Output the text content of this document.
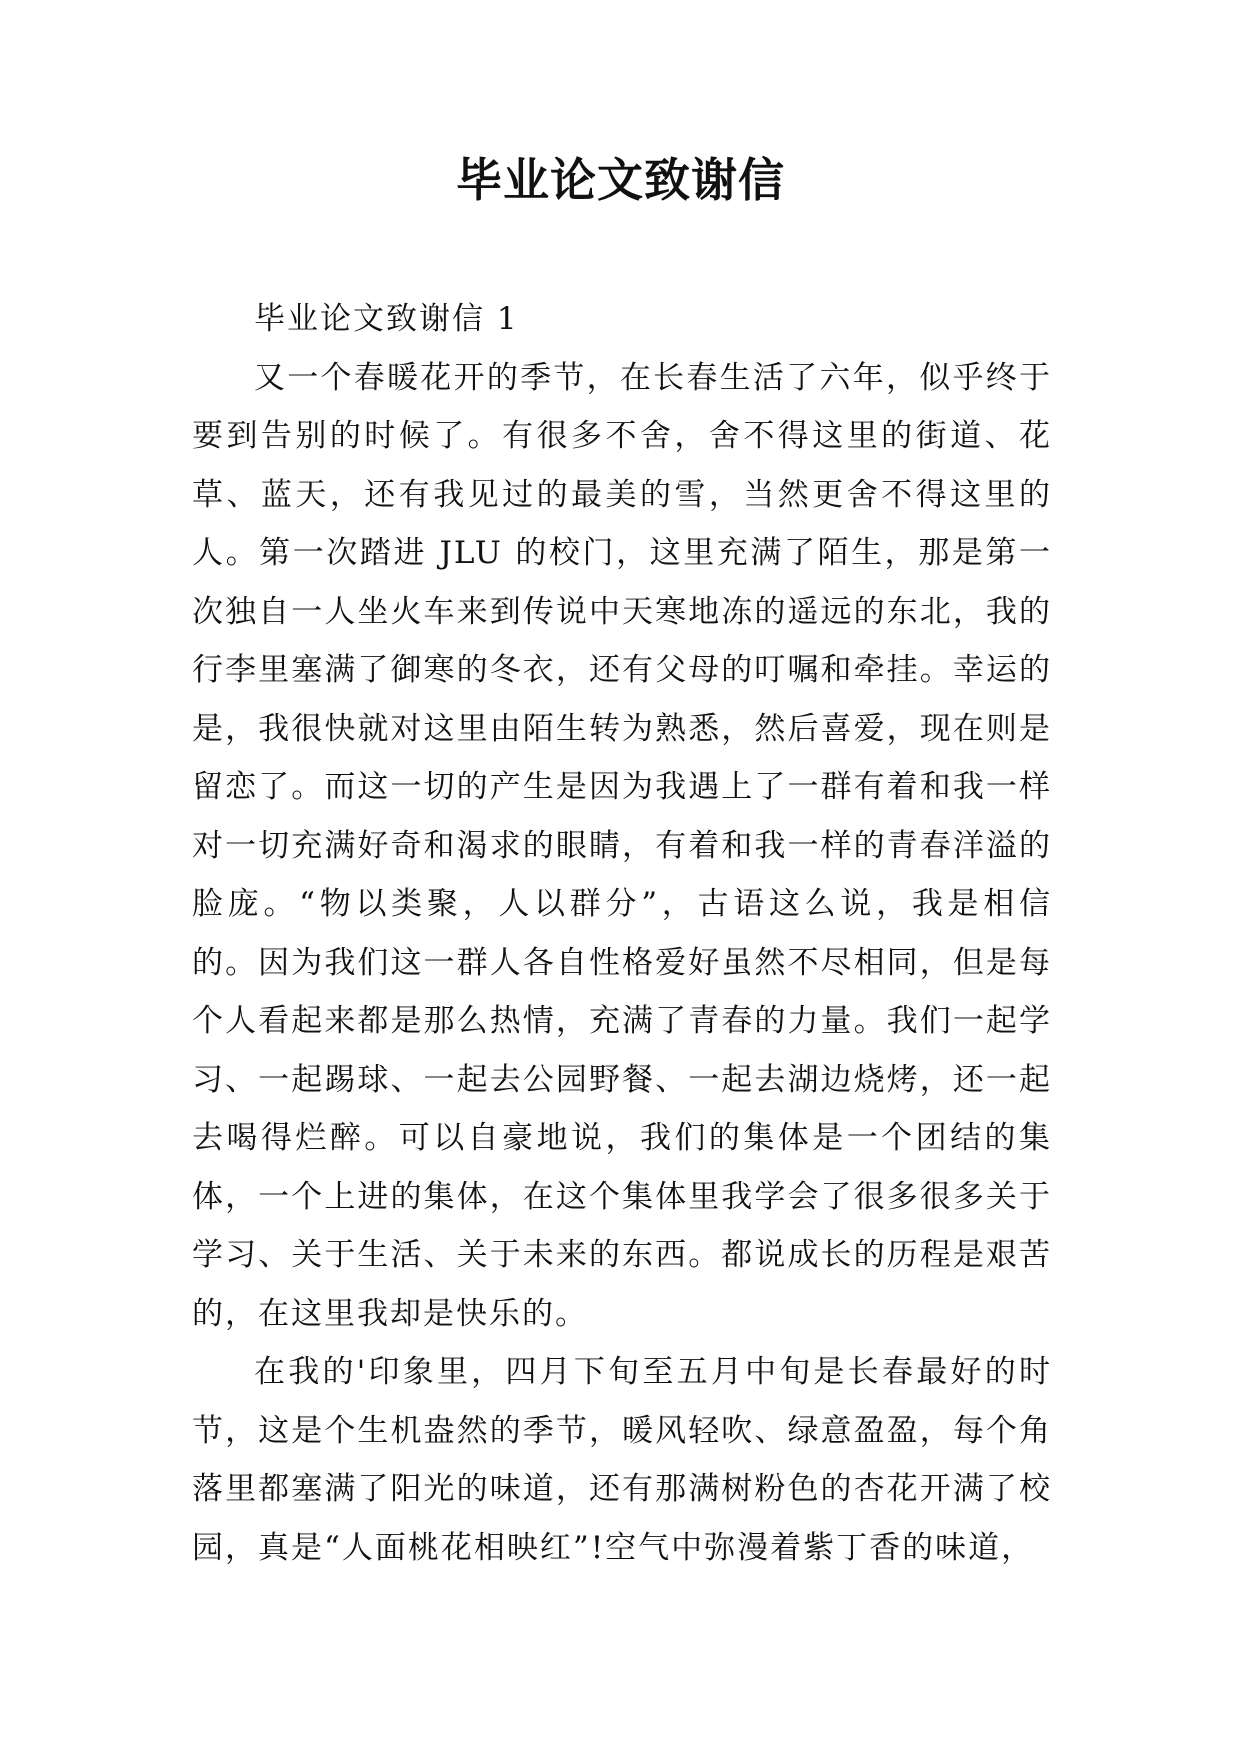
毕业论文致谢信

毕业论文致谢信 1

又一个春暖花开的季节，在长春生活了六年，似乎终于要到告别的时候了。有很多不舍，舍不得这里的街道、花草、蓝天，还有我见过的最美的雪，当然更舍不得这里的人。第一次踏进 JLU 的校门，这里充满了陌生，那是第一次独自一人坐火车来到传说中天寒地冻的遥远的东北，我的行李里塞满了御寒的冬衣，还有父母的叮嘱和牵挂。幸运的是，我很快就对这里由陌生转为熟悉，然后喜爱，现在则是留恋了。而这一切的产生是因为我遇上了一群有着和我一样对一切充满好奇和渴求的眼睛，有着和我一样的青春洋溢的脸庞。“物以类聚，人以群分”，古语这么说，我是相信的。因为我们这一群人各自性格爱好虽然不尽相同，但是每个人看起来都是那么热情，充满了青春的力量。我们一起学习、一起踢球、一起去公园野餐、一起去湖边烧烤，还一起去喝得烂醉。可以自豪地说，我们的集体是一个团结的集体，一个上进的集体，在这个集体里我学会了很多很多关于学习、关于生活、关于未来的东西。都说成长的历程是艰苦的，在这里我却是快乐的。

在我的'印象里，四月下旬至五月中旬是长春最好的时节，这是个生机盎然的季节，暖风轻吹、绿意盈盈，每个角落里都塞满了阳光的味道，还有那满树粉色的杏花开满了校园，真是“人面桃花相映红”!空气中弥漫着紫丁香的味道，
